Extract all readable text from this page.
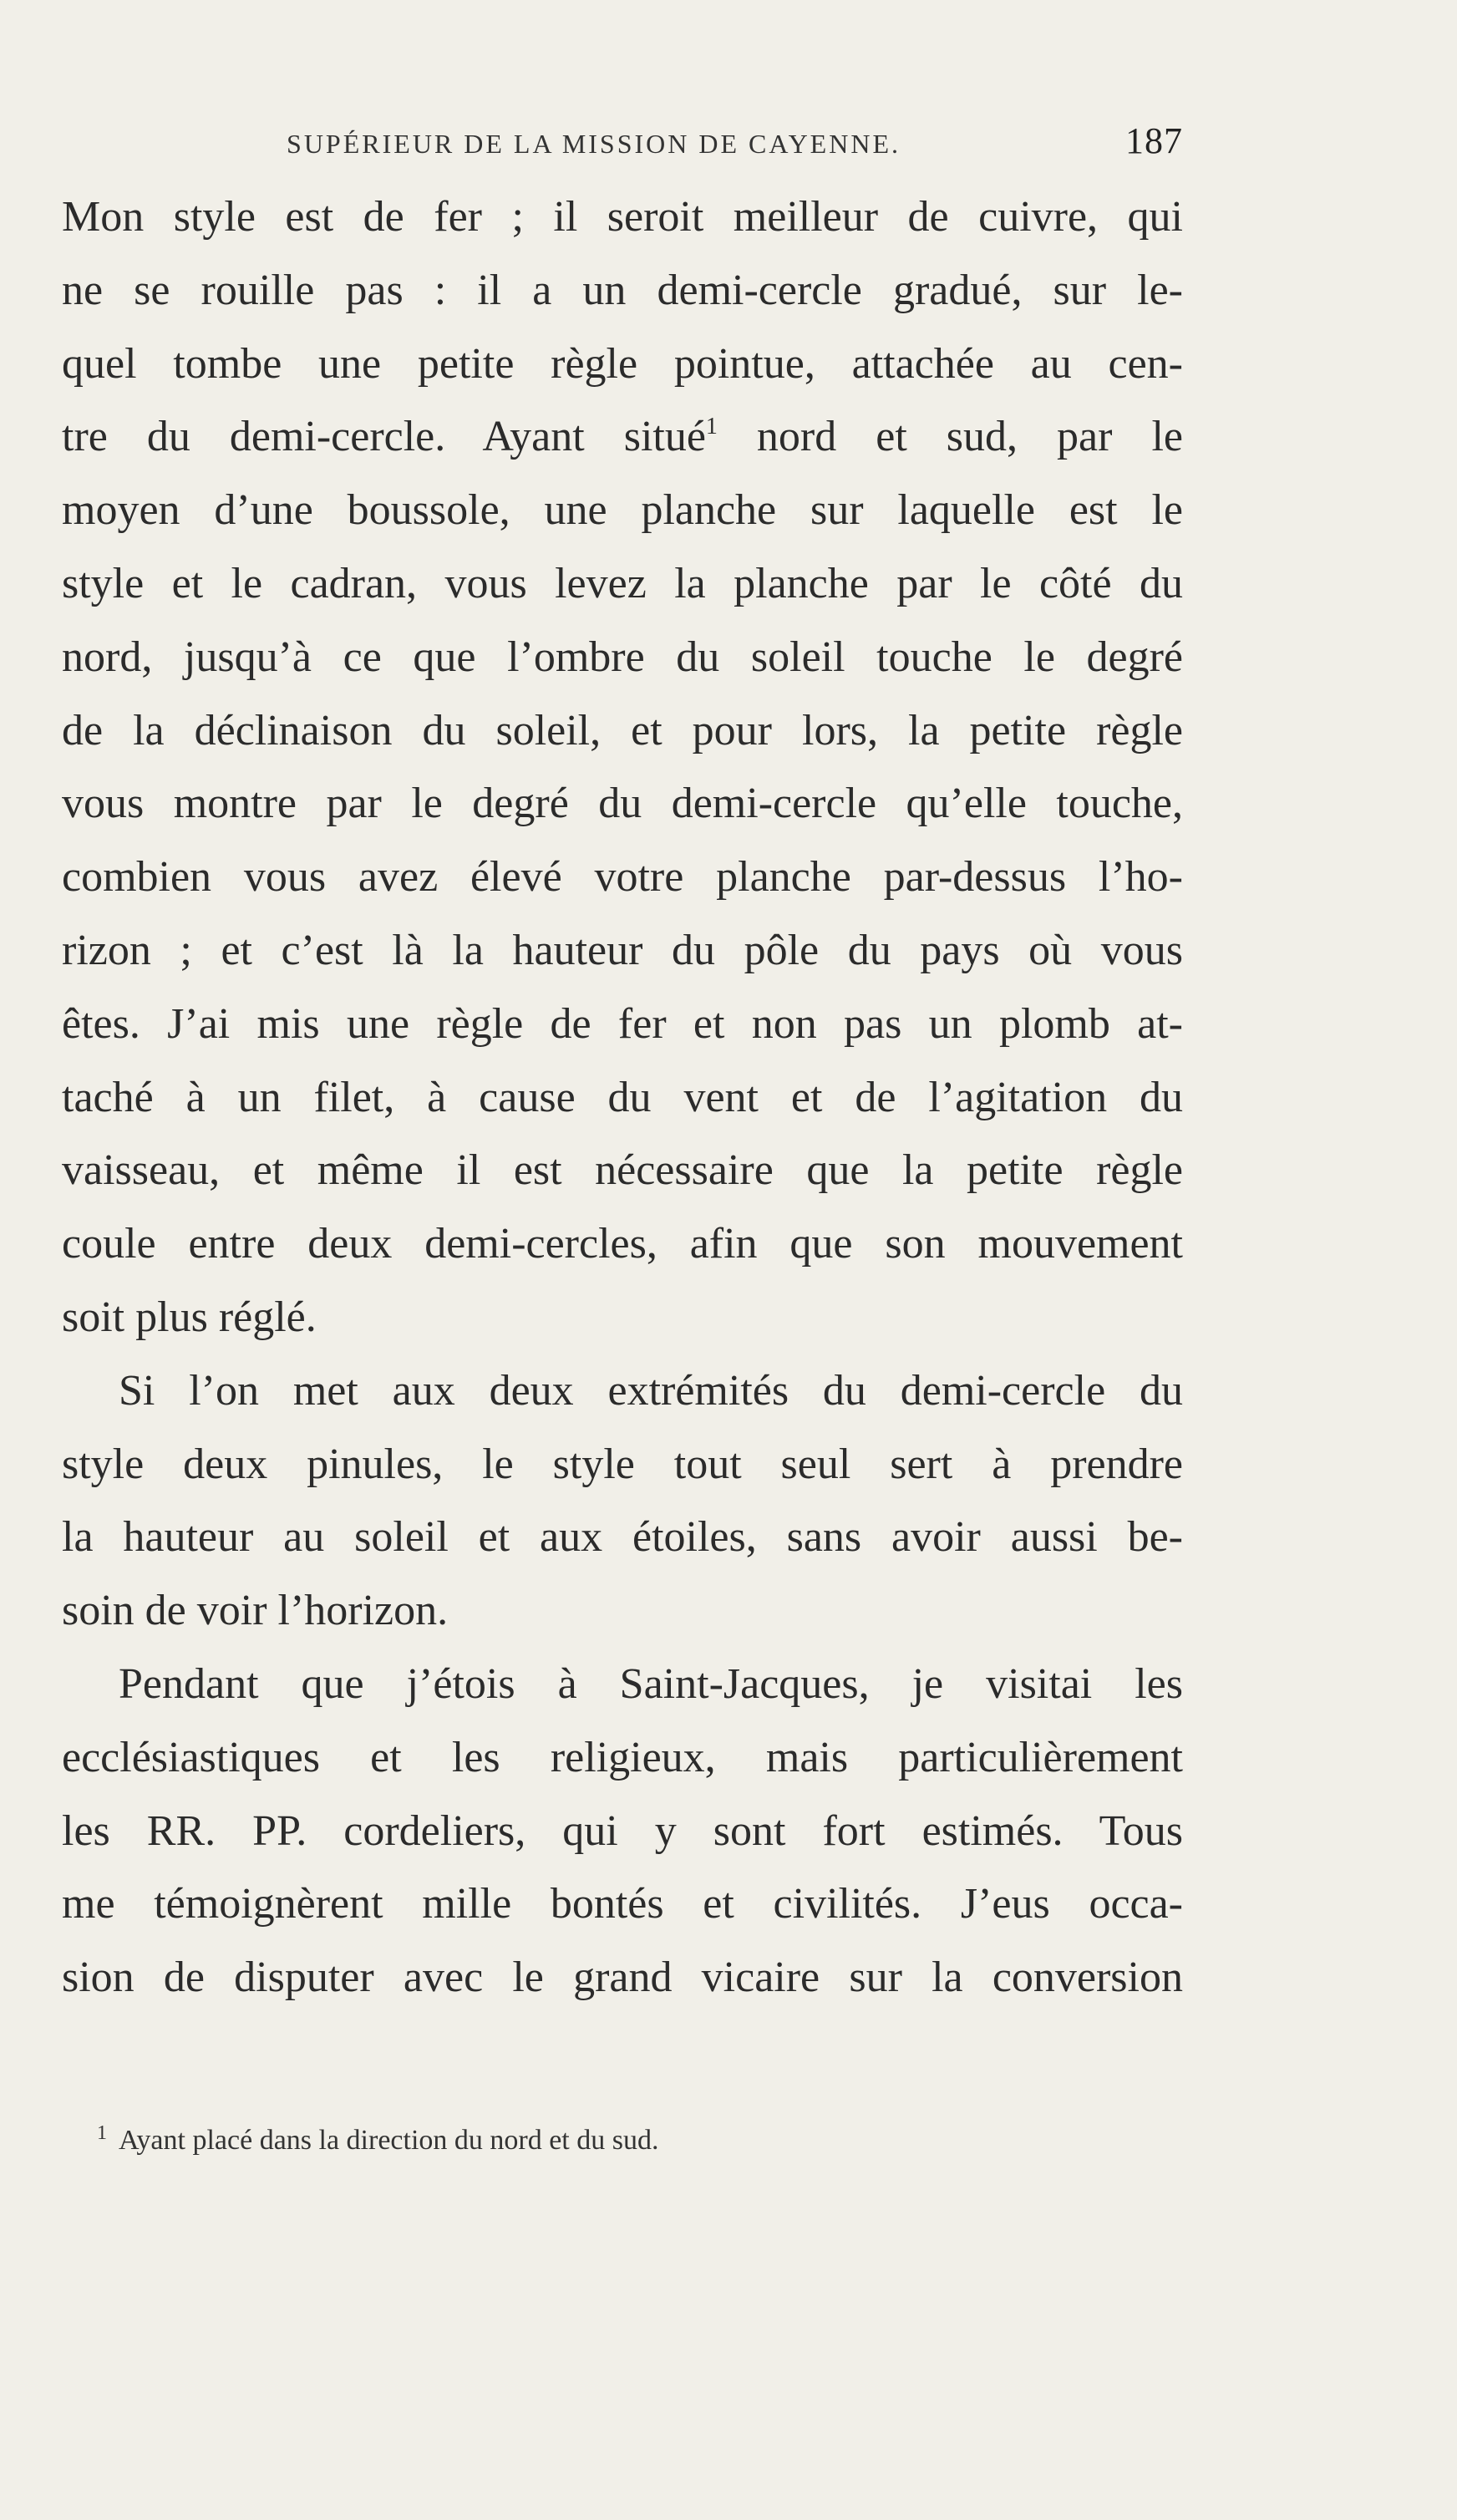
SUPÉRIEUR DE LA MISSION DE CAYENNE.	187
Mon style est de fer ; il seroit meilleur de cuivre, qui
ne se rouille pas : il a un demi-cercle gradué, sur le-
quel tombe une petite règle pointue, attachée au cen-
tre du demi-cercle. Ayant situé$^1$ nord et sud, par le
moyen d’une boussole, une planche sur laquelle est le
style et le cadran, vous levez la planche par le côté du
nord, jusqu’à ce que l’ombre du soleil touche le degré
de la déclinaison du soleil, et pour lors, la petite règle
vous montre par le degré du demi-cercle qu’elle touche,
combien vous avez élevé votre planche par-dessus l’ho-
rizon ; et c’est là la hauteur du pôle du pays où vous
êtes. J’ai mis une règle de fer et non pas un plomb at-
taché à un filet, à cause du vent et de l’agitation du
vaisseau, et même il est nécessaire que la petite règle
coule entre deux demi-cercles, afin que son mouvement
soit plus réglé.
Si l’on met aux deux extrémités du demi-cercle du
style deux pinules, le style tout seul sert à prendre
la hauteur au soleil et aux étoiles, sans avoir aussi be-
soin de voir l’horizon.
Pendant que j’étois à Saint-Jacques, je visitai les
ecclésiastiques et les religieux, mais particulièrement
les RR. PP. cordeliers, qui y sont fort estimés. Tous
me témoignèrent mille bontés et civilités. J’eus occa-
sion de disputer avec le grand vicaire sur la conversion
$^1$ Ayant placé dans la direction du nord et du sud.
